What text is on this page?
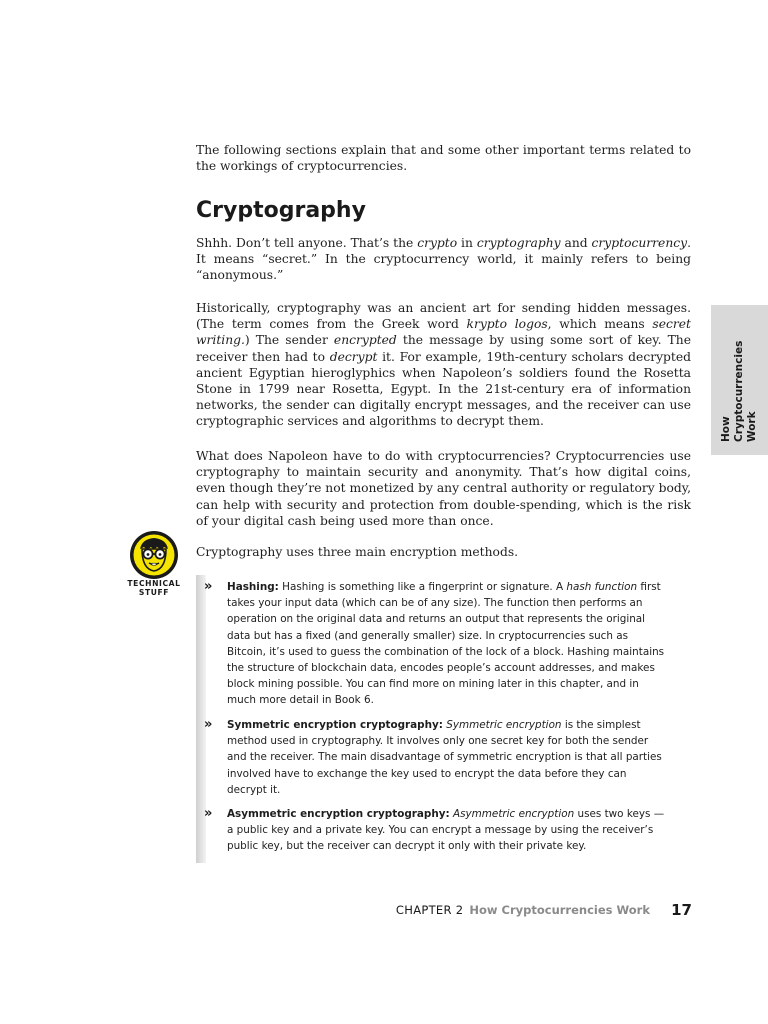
The following sections explain that and some other important terms related to the workings of cryptocurrencies.

Cryptography

Shhh. Don’t tell anyone. That’s the crypto in cryptography and cryptocurrency. It means “secret.” In the cryptocurrency world, it mainly refers to being “anonymous.”

Historically, cryptography was an ancient art for sending hidden messages. (The term comes from the Greek word krypto logos, which means secret writing.) The sender encrypted the message by using some sort of key. The receiver then had to decrypt it. For example, 19th-century scholars decrypted ancient Egyptian hieroglyphics when Napoleon’s soldiers found the Rosetta Stone in 1799 near Rosetta, Egypt. In the 21st-century era of information networks, the sender can digitally encrypt messages, and the receiver can use cryptographic services and algorithms to decrypt them.

What does Napoleon have to do with cryptocurrencies? Cryptocurrencies use cryptography to maintain security and anonymity. That’s how digital coins, even though they’re not monetized by any central authority or regulatory body, can help with security and protection from double-spending, which is the risk of your digital cash being used more than once.

Cryptography uses three main encryption methods.

How Cryptocurrencies Work

TECHNICAL STUFF	»	Hashing: Hashing is something like a fingerprint or signature. A hash function first takes your input data (which can be of any size). The function then performs an operation on the original data and returns an output that represents the original data but has a fixed (and generally smaller) size. In cryptocurrencies such as Bitcoin, it’s used to guess the combination of the lock of a block. Hashing maintains the structure of blockchain data, encodes people’s account addresses, and makes block mining possible. You can find more on mining later in this chapter, and in much more detail in Book 6.

»	Symmetric encryption cryptography: Symmetric encryption is the simplest method used in cryptography. It involves only one secret key for both the sender and the receiver. The main disadvantage of symmetric encryption is that all parties involved have to exchange the key used to encrypt the data before they can decrypt it.

»	Asymmetric encryption cryptography: Asymmetric encryption uses two keys — a public key and a private key. You can encrypt a message by using the receiver’s public key, but the receiver can decrypt it only with their private key.

CHAPTER 2 How Cryptocurrencies Work 17
